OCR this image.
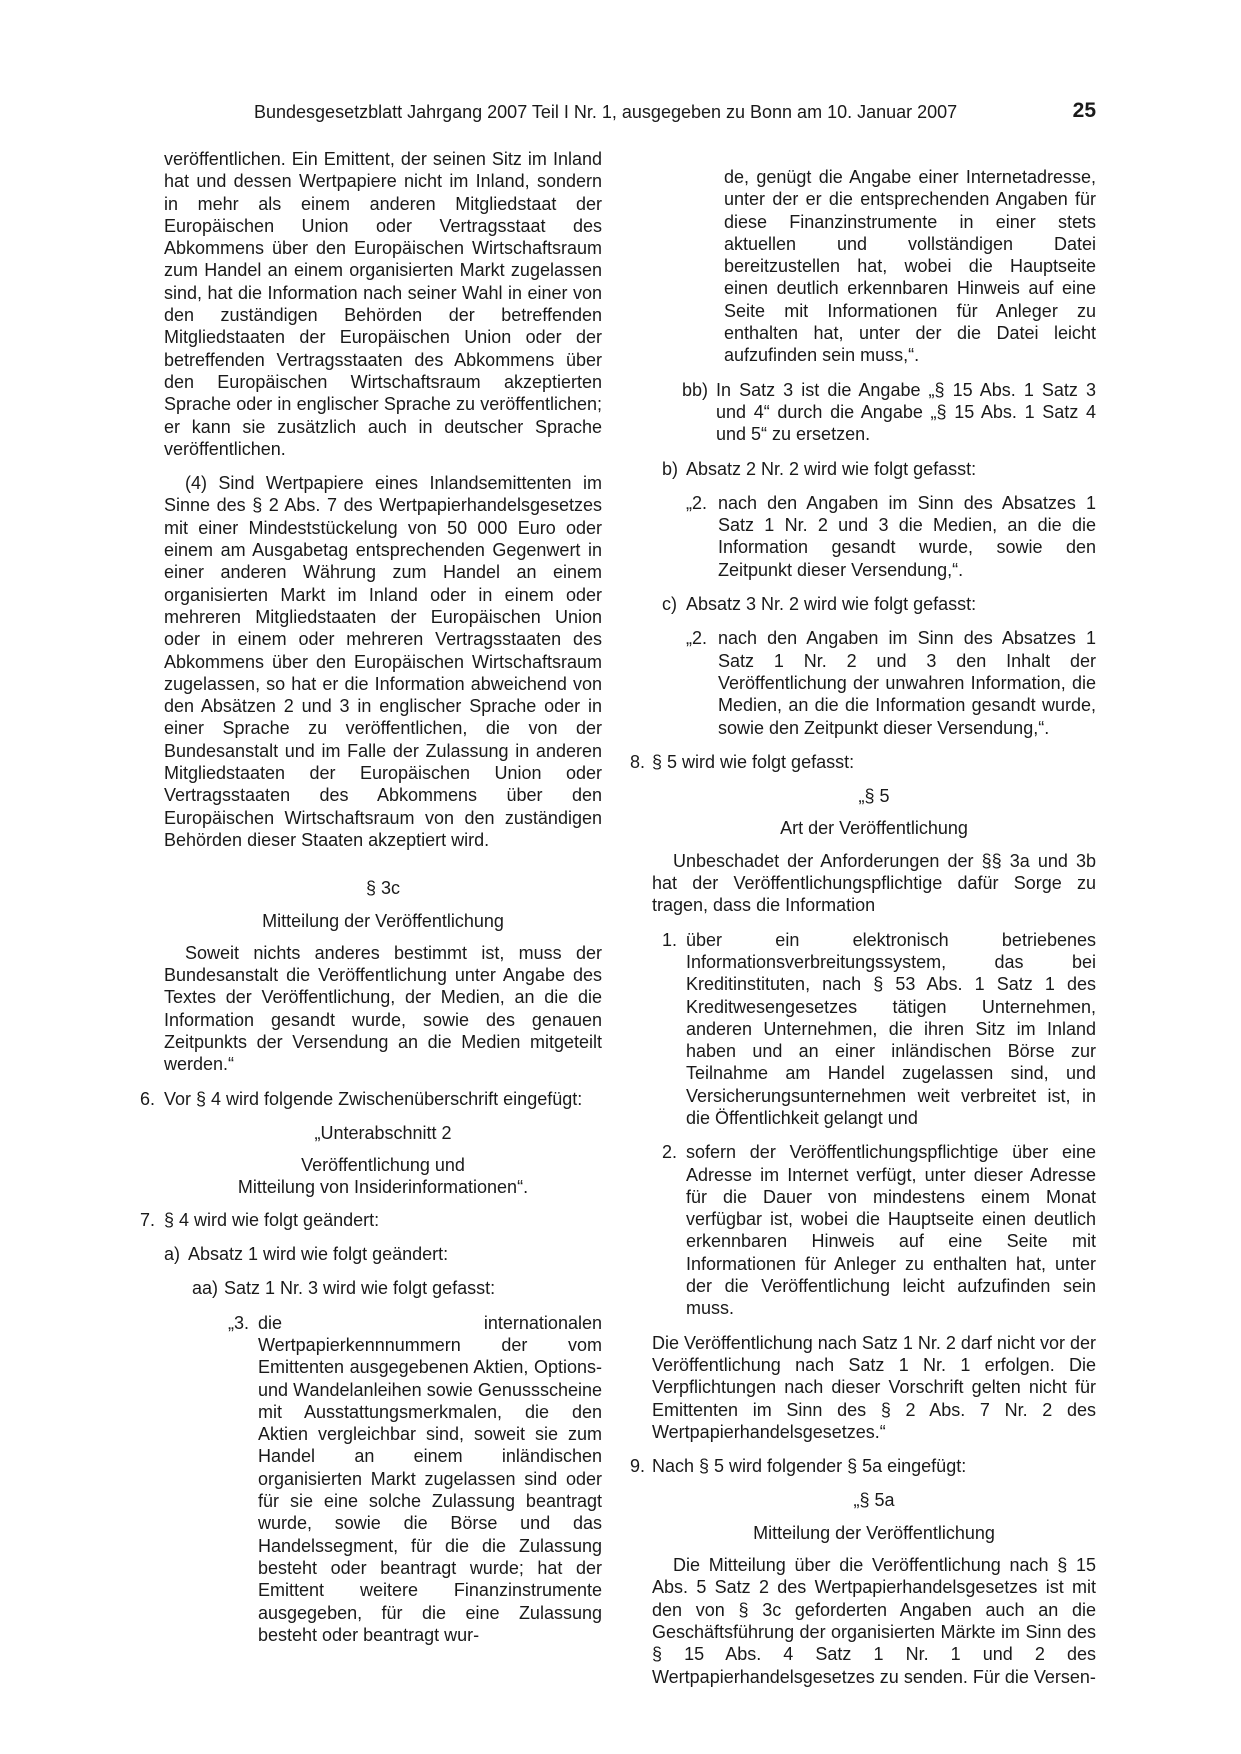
Bundesgesetzblatt Jahrgang 2007 Teil I Nr. 1, ausgegeben zu Bonn am 10. Januar 2007	25

veröffentlichen. Ein Emittent, der seinen Sitz im Inland hat und dessen Wertpapiere nicht im Inland, sondern in mehr als einem anderen Mitgliedstaat der Europäischen Union oder Vertragsstaat des Abkommens über den Europäischen Wirtschaftsraum zum Handel an einem organisierten Markt zugelassen sind, hat die Information nach seiner Wahl in einer von den zuständigen Behörden der betreffenden Mitgliedstaaten der Europäischen Union oder der betreffenden Vertragsstaaten des Abkommens über den Europäischen Wirtschaftsraum akzeptierten Sprache oder in englischer Sprache zu veröffentlichen; er kann sie zusätzlich auch in deutscher Sprache veröffentlichen.

(4) Sind Wertpapiere eines Inlandsemittenten im Sinne des § 2 Abs. 7 des Wertpapierhandelsgesetzes mit einer Mindeststückelung von 50 000 Euro oder einem am Ausgabetag entsprechenden Gegenwert in einer anderen Währung zum Handel an einem organisierten Markt im Inland oder in einem oder mehreren Mitgliedstaaten der Europäischen Union oder in einem oder mehreren Vertragsstaaten des Abkommens über den Europäischen Wirtschaftsraum zugelassen, so hat er die Information abweichend von den Absätzen 2 und 3 in englischer Sprache oder in einer Sprache zu veröffentlichen, die von der Bundesanstalt und im Falle der Zulassung in anderen Mitgliedstaaten der Europäischen Union oder Vertragsstaaten des Abkommens über den Europäischen Wirtschaftsraum von den zuständigen Behörden dieser Staaten akzeptiert wird.

§ 3c
Mitteilung der Veröffentlichung

Soweit nichts anderes bestimmt ist, muss der Bundesanstalt die Veröffentlichung unter Angabe des Textes der Veröffentlichung, der Medien, an die die Information gesandt wurde, sowie des genauen Zeitpunkts der Versendung an die Medien mitgeteilt werden.“

6. Vor § 4 wird folgende Zwischenüberschrift eingefügt:
„Unterabschnitt 2
Veröffentlichung und
Mitteilung von Insiderinformationen“.
7. § 4 wird wie folgt geändert:
a) Absatz 1 wird wie folgt geändert:
aa) Satz 1 Nr. 3 wird wie folgt gefasst:
„3. die internationalen Wertpapierkennnummern der vom Emittenten ausgegebenen Aktien, Options- und Wandelanleihen sowie Genussscheine mit Ausstattungsmerkmalen, die den Aktien vergleichbar sind, soweit sie zum Handel an einem inländischen organisierten Markt zugelassen sind oder für sie eine solche Zulassung beantragt wurde, sowie die Börse und das Handelssegment, für die die Zulassung besteht oder beantragt wurde; hat der Emittent weitere Finanzinstrumente ausgegeben, für die eine Zulassung besteht oder beantragt wur-

de, genügt die Angabe einer Internetadresse, unter der er die entsprechenden Angaben für diese Finanzinstrumente in einer stets aktuellen und vollständigen Datei bereitzustellen hat, wobei die Hauptseite einen deutlich erkennbaren Hinweis auf eine Seite mit Informationen für Anleger zu enthalten hat, unter der die Datei leicht aufzufinden sein muss,“.

bb) In Satz 3 ist die Angabe „§ 15 Abs. 1 Satz 3 und 4“ durch die Angabe „§ 15 Abs. 1 Satz 4 und 5“ zu ersetzen.
b) Absatz 2 Nr. 2 wird wie folgt gefasst:
„2. nach den Angaben im Sinn des Absatzes 1 Satz 1 Nr. 2 und 3 die Medien, an die die Information gesandt wurde, sowie den Zeitpunkt dieser Versendung,“.
c) Absatz 3 Nr. 2 wird wie folgt gefasst:
„2. nach den Angaben im Sinn des Absatzes 1 Satz 1 Nr. 2 und 3 den Inhalt der Veröffentlichung der unwahren Information, die Medien, an die die Information gesandt wurde, sowie den Zeitpunkt dieser Versendung,“.
8. § 5 wird wie folgt gefasst:
„§ 5
Art der Veröffentlichung

Unbeschadet der Anforderungen der §§ 3a und 3b hat der Veröffentlichungspflichtige dafür Sorge zu tragen, dass die Information

1. über ein elektronisch betriebenes Informationsverbreitungssystem, das bei Kreditinstituten, nach § 53 Abs. 1 Satz 1 des Kreditwesengesetzes tätigen Unternehmen, anderen Unternehmen, die ihren Sitz im Inland haben und an einer inländischen Börse zur Teilnahme am Handel zugelassen sind, und Versicherungsunternehmen weit verbreitet ist, in die Öffentlichkeit gelangt und
2. sofern der Veröffentlichungspflichtige über eine Adresse im Internet verfügt, unter dieser Adresse für die Dauer von mindestens einem Monat verfügbar ist, wobei die Hauptseite einen deutlich erkennbaren Hinweis auf eine Seite mit Informationen für Anleger zu enthalten hat, unter der die Veröffentlichung leicht aufzufinden sein muss.

Die Veröffentlichung nach Satz 1 Nr. 2 darf nicht vor der Veröffentlichung nach Satz 1 Nr. 1 erfolgen. Die Verpflichtungen nach dieser Vorschrift gelten nicht für Emittenten im Sinn des § 2 Abs. 7 Nr. 2 des Wertpapierhandelsgesetzes.“

9. Nach § 5 wird folgender § 5a eingefügt:
„§ 5a
Mitteilung der Veröffentlichung

Die Mitteilung über die Veröffentlichung nach § 15 Abs. 5 Satz 2 des Wertpapierhandelsgesetzes ist mit den von § 3c geforderten Angaben auch an die Geschäftsführung der organisierten Märkte im Sinn des § 15 Abs. 4 Satz 1 Nr. 1 und 2 des Wertpapierhandelsgesetzes zu senden. Für die Versen-
